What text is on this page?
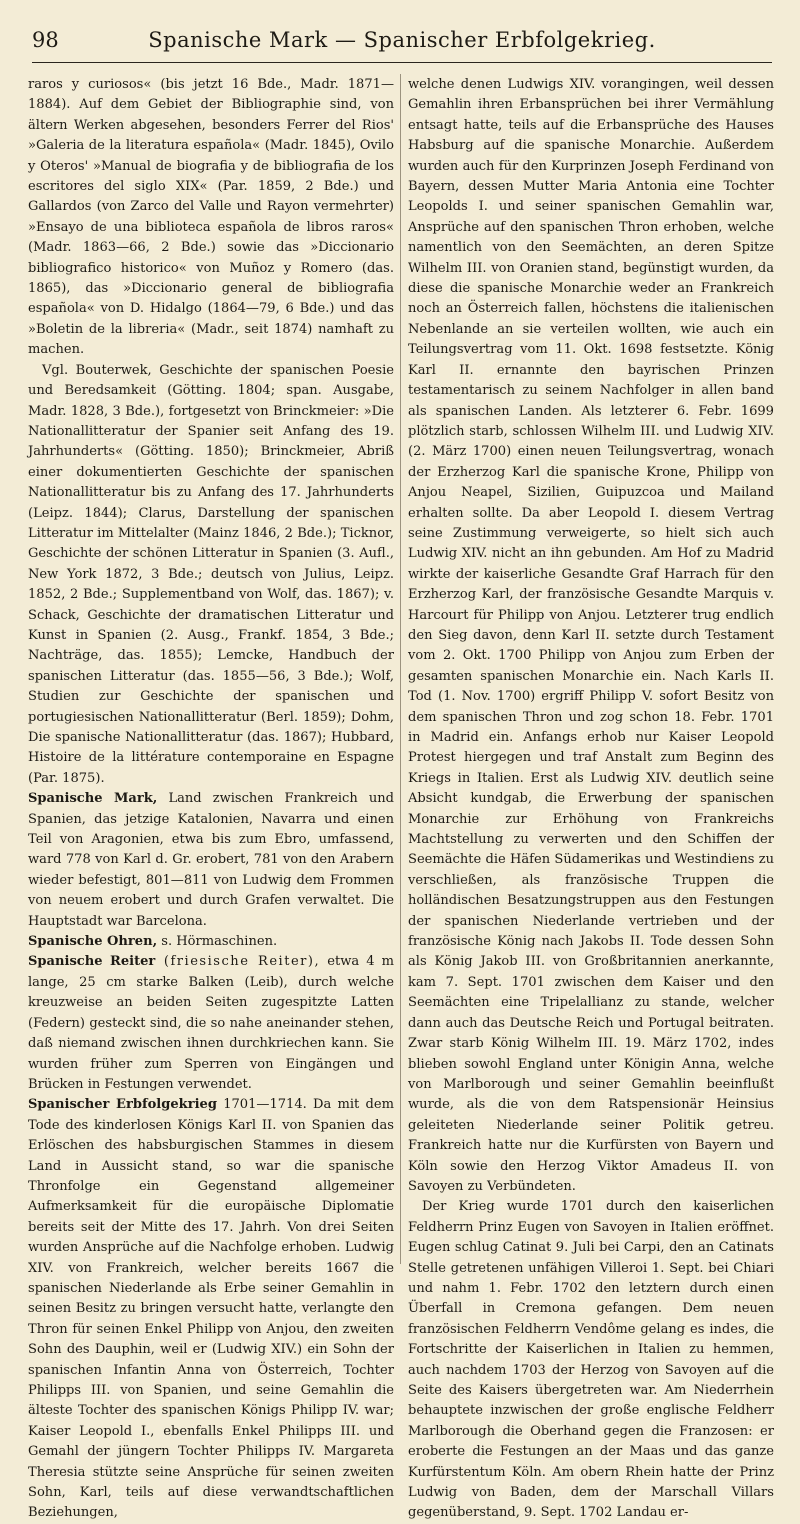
98	Spanische Mark — Spanischer Erbfolgekrieg.

raros y curiosos« (bis jetzt 16 Bde., Madr. 1871—1884). Auf dem Gebiet der Bibliographie sind, von ältern Werken abgesehen, besonders Ferrer del Rios' »Galeria de la literatura española« (Madr. 1845), Ovilo y Oteros' »Manual de biografia y de bibliografia de los escritores del siglo XIX« (Par. 1859, 2 Bde.) und Gallardos (von Zarco del Valle und Rayon vermehrter) »Ensayo de una biblioteca española de libros raros« (Madr. 1863—66, 2 Bde.) sowie das »Diccionario bibliografico historico« von Muñoz y Romero (das. 1865), das »Diccionario general de bibliografia española« von D. Hidalgo (1864—79, 6 Bde.) und das »Boletin de la libreria« (Madr., seit 1874) namhaft zu machen.

Vgl. Bouterwek, Geschichte der spanischen Poesie und Beredsamkeit (Götting. 1804; span. Ausgabe, Madr. 1828, 3 Bde.), fortgesetzt von Brinckmeier: »Die Nationallitteratur der Spanier seit Anfang des 19. Jahrhunderts« (Götting. 1850); Brinckmeier, Abriß einer dokumentierten Geschichte der spanischen Nationallitteratur bis zu Anfang des 17. Jahrhunderts (Leipz. 1844); Clarus, Darstellung der spanischen Litteratur im Mittelalter (Mainz 1846, 2 Bde.); Ticknor, Geschichte der schönen Litteratur in Spanien (3. Aufl., New York 1872, 3 Bde.; deutsch von Julius, Leipz. 1852, 2 Bde.; Supplementband von Wolf, das. 1867); v. Schack, Geschichte der dramatischen Litteratur und Kunst in Spanien (2. Ausg., Frankf. 1854, 3 Bde.; Nachträge, das. 1855); Lemcke, Handbuch der spanischen Litteratur (das. 1855—56, 3 Bde.); Wolf, Studien zur Geschichte der spanischen und portugiesischen Nationallitteratur (Berl. 1859); Dohm, Die spanische Nationallitteratur (das. 1867); Hubbard, Histoire de la littérature contemporaine en Espagne (Par. 1875).

Spanische Mark, Land zwischen Frankreich und Spanien, das jetzige Katalonien, Navarra und einen Teil von Aragonien, etwa bis zum Ebro, umfassend, ward 778 von Karl d. Gr. erobert, 781 von den Arabern wieder befestigt, 801—811 von Ludwig dem Frommen von neuem erobert und durch Grafen verwaltet. Die Hauptstadt war Barcelona.

Spanische Ohren, s. Hörmaschinen.

Spanische Reiter (friesische Reiter), etwa 4 m lange, 25 cm starke Balken (Leib), durch welche kreuzweise an beiden Seiten zugespitzte Latten (Federn) gesteckt sind, die so nahe aneinander stehen, daß niemand zwischen ihnen durchkriechen kann. Sie wurden früher zum Sperren von Eingängen und Brücken in Festungen verwendet.

Spanischer Erbfolgekrieg 1701—1714. Da mit dem Tode des kinderlosen Königs Karl II. von Spanien das Erlöschen des habsburgischen Stammes in diesem Land in Aussicht stand, so war die spanische Thronfolge ein Gegenstand allgemeiner Aufmerksamkeit für die europäische Diplomatie bereits seit der Mitte des 17. Jahrh. Von drei Seiten wurden Ansprüche auf die Nachfolge erhoben. Ludwig XIV. von Frankreich, welcher bereits 1667 die spanischen Niederlande als Erbe seiner Gemahlin in seinen Besitz zu bringen versucht hatte, verlangte den Thron für seinen Enkel Philipp von Anjou, den zweiten Sohn des Dauphin, weil er (Ludwig XIV.) ein Sohn der spanischen Infantin Anna von Österreich, Tochter Philipps III. von Spanien, und seine Gemahlin die älteste Tochter des spanischen Königs Philipp IV. war; Kaiser Leopold I., ebenfalls Enkel Philipps III. und Gemahl der jüngern Tochter Philipps IV. Margareta Theresia stützte seine Ansprüche für seinen zweiten Sohn, Karl, teils auf diese verwandtschaftlichen Beziehungen,

welche denen Ludwigs XIV. vorangingen, weil dessen Gemahlin ihren Erbansprüchen bei ihrer Vermählung entsagt hatte, teils auf die Erbansprüche des Hauses Habsburg auf die spanische Monarchie. Außerdem wurden auch für den Kurprinzen Joseph Ferdinand von Bayern, dessen Mutter Maria Antonia eine Tochter Leopolds I. und seiner spanischen Gemahlin war, Ansprüche auf den spanischen Thron erhoben, welche namentlich von den Seemächten, an deren Spitze Wilhelm III. von Oranien stand, begünstigt wurden, da diese die spanische Monarchie weder an Frankreich noch an Österreich fallen, höchstens die italienischen Nebenlande an sie verteilen wollten, wie auch ein Teilungsvertrag vom 11. Okt. 1698 festsetzte. König Karl II. ernannte den bayrischen Prinzen testamentarisch zu seinem Nachfolger in allen band als spanischen Landen. Als letzterer 6. Febr. 1699 plötzlich starb, schlossen Wilhelm III. und Ludwig XIV. (2. März 1700) einen neuen Teilungsvertrag, wonach der Erzherzog Karl die spanische Krone, Philipp von Anjou Neapel, Sizilien, Guipuzcoa und Mailand erhalten sollte. Da aber Leopold I. diesem Vertrag seine Zustimmung verweigerte, so hielt sich auch Ludwig XIV. nicht an ihn gebunden. Am Hof zu Madrid wirkte der kaiserliche Gesandte Graf Harrach für den Erzherzog Karl, der französische Gesandte Marquis v. Harcourt für Philipp von Anjou. Letzterer trug endlich den Sieg davon, denn Karl II. setzte durch Testament vom 2. Okt. 1700 Philipp von Anjou zum Erben der gesamten spanischen Monarchie ein. Nach Karls II. Tod (1. Nov. 1700) ergriff Philipp V. sofort Besitz von dem spanischen Thron und zog schon 18. Febr. 1701 in Madrid ein. Anfangs erhob nur Kaiser Leopold Protest hiergegen und traf Anstalt zum Beginn des Kriegs in Italien. Erst als Ludwig XIV. deutlich seine Absicht kundgab, die Erwerbung der spanischen Monarchie zur Erhöhung von Frankreichs Machtstellung zu verwerten und den Schiffen der Seemächte die Häfen Südamerikas und Westindiens zu verschließen, als französische Truppen die holländischen Besatzungstruppen aus den Festungen der spanischen Niederlande vertrieben und der französische König nach Jakobs II. Tode dessen Sohn als König Jakob III. von Großbritannien anerkannte, kam 7. Sept. 1701 zwischen dem Kaiser und den Seemächten eine Tripelallianz zu stande, welcher dann auch das Deutsche Reich und Portugal beitraten. Zwar starb König Wilhelm III. 19. März 1702, indes blieben sowohl England unter Königin Anna, welche von Marlborough und seiner Gemahlin beeinflußt wurde, als die von dem Ratspensionär Heinsius geleiteten Niederlande seiner Politik getreu. Frankreich hatte nur die Kurfürsten von Bayern und Köln sowie den Herzog Viktor Amadeus II. von Savoyen zu Verbündeten.

Der Krieg wurde 1701 durch den kaiserlichen Feldherrn Prinz Eugen von Savoyen in Italien eröffnet. Eugen schlug Catinat 9. Juli bei Carpi, den an Catinats Stelle getretenen unfähigen Villeroi 1. Sept. bei Chiari und nahm 1. Febr. 1702 den letztern durch einen Überfall in Cremona gefangen. Dem neuen französischen Feldherrn Vendôme gelang es indes, die Fortschritte der Kaiserlichen in Italien zu hemmen, auch nachdem 1703 der Herzog von Savoyen auf die Seite des Kaisers übergetreten war. Am Niederrhein behauptete inzwischen der große englische Feldherr Marlborough die Oberhand gegen die Franzosen: er eroberte die Festungen an der Maas und das ganze Kurfürstentum Köln. Am obern Rhein hatte der Prinz Ludwig von Baden, dem der Marschall Villars gegenüberstand, 9. Sept. 1702 Landau er-
